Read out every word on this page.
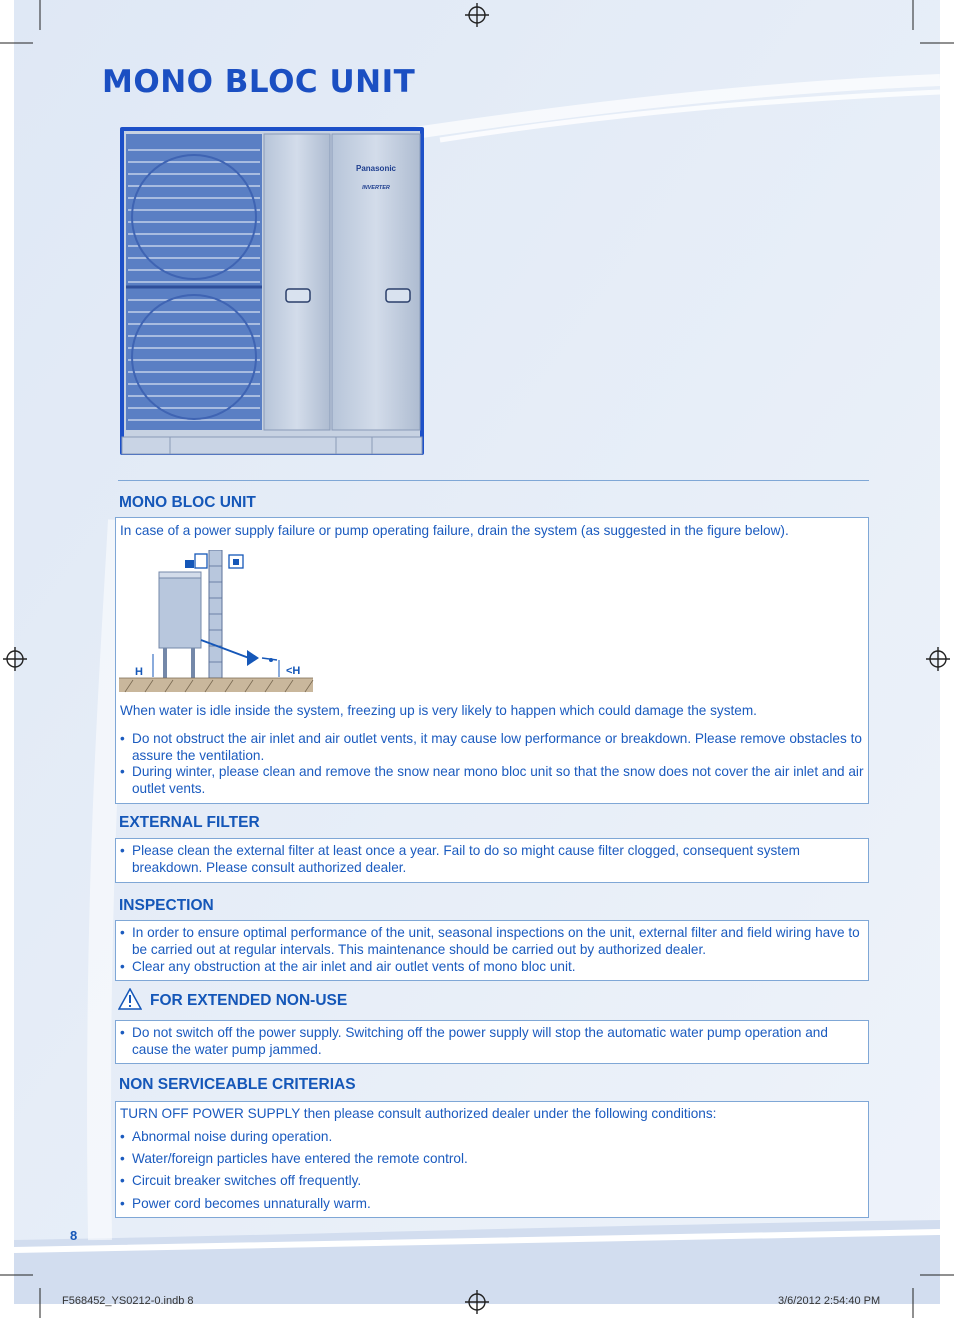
MONO BLOC UNIT
Panasonic
INVERTER
MONO BLOC UNIT

In case of a power supply failure or pump operating failure, drain the system (as suggested in the figure below).

H	<H

When water is idle inside the system, freezing up is very likely to happen which could damage the system.

• Do not obstruct the air inlet and air outlet vents, it may cause low performance or breakdown. Please remove obstacles to assure the ventilation.
• During winter, please clean and remove the snow near mono bloc unit so that the snow does not cover the air inlet and air outlet vents.
EXTERNAL FILTER
• Please clean the external filter at least once a year. Fail to do so might cause filter clogged, consequent system breakdown. Please consult authorized dealer.
INSPECTION
• In order to ensure optimal performance of the unit, seasonal inspections on the unit, external filter and field wiring have to be carried out at regular intervals. This maintenance should be carried out by authorized dealer.
• Clear any obstruction at the air inlet and air outlet vents of mono bloc unit.
FOR EXTENDED NON-USE
• Do not switch off the power supply. Switching off the power supply will stop the automatic water pump operation and cause the water pump jammed.
NON SERVICEABLE CRITERIAS

TURN OFF POWER SUPPLY then please consult authorized dealer under the following conditions:

• Abnormal noise during operation.
• Water/foreign particles have entered the remote control.
• Circuit breaker switches off frequently.
• Power cord becomes unnaturally warm.
8
F568452_YS0212-0.indb 8	3/6/2012 2:54:40 PM
